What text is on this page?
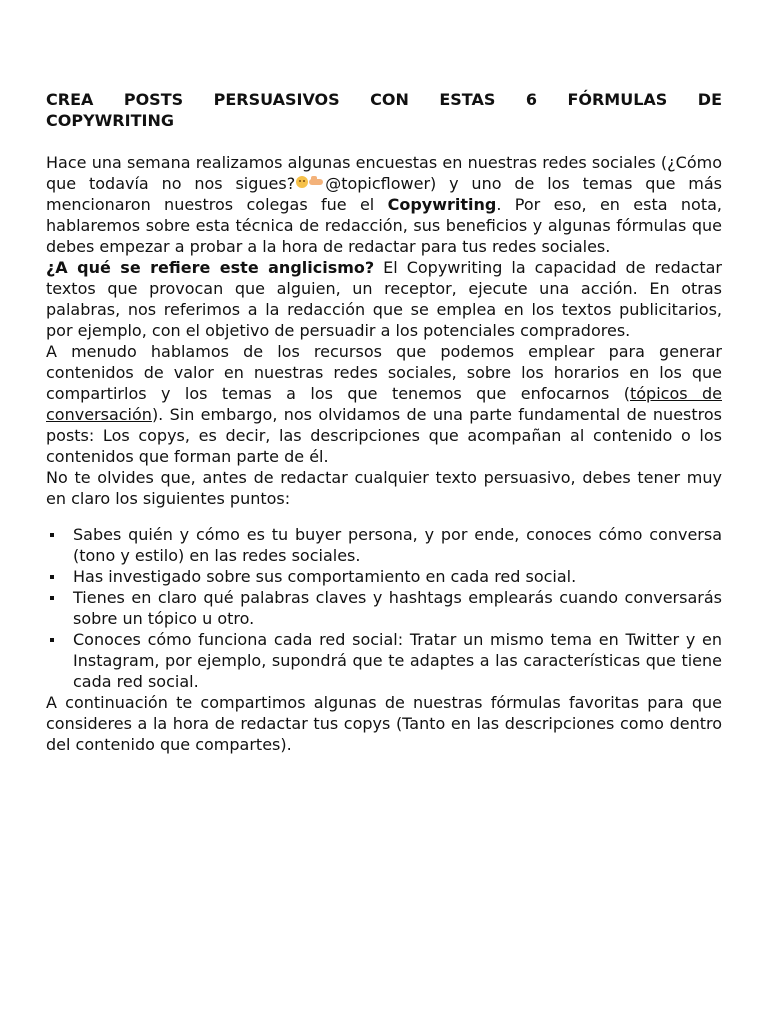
CREA POSTS PERSUASIVOS CON ESTAS 6 FÓRMULAS DE
COPYWRITING

Hace una semana realizamos algunas encuestas en nuestras redes sociales (¿Cómo que todavía no nos sigues? @topicflower) y uno de los temas que más mencionaron nuestros colegas fue el Copywriting. Por eso, en esta nota, hablaremos sobre esta técnica de redacción, sus beneficios y algunas fórmulas que debes empezar a probar a la hora de redactar para tus redes sociales.

¿A qué se refiere este anglicismo? El Copywriting la capacidad de redactar textos que provocan que alguien, un receptor, ejecute una acción. En otras palabras, nos referimos a la redacción que se emplea en los textos publicitarios, por ejemplo, con el objetivo de persuadir a los potenciales compradores.

A menudo hablamos de los recursos que podemos emplear para generar contenidos de valor en nuestras redes sociales, sobre los horarios en los que compartirlos y los temas a los que tenemos que enfocarnos (tópicos de conversación). Sin embargo, nos olvidamos de una parte fundamental de nuestros posts: Los copys, es decir, las descripciones que acompañan al contenido o los contenidos que forman parte de él.

No te olvides que, antes de redactar cualquier texto persuasivo, debes tener muy en claro los siguientes puntos:

Sabes quién y cómo es tu buyer persona, y por ende, conoces cómo conversa (tono y estilo) en las redes sociales.
Has investigado sobre sus comportamiento en cada red social.
Tienes en claro qué palabras claves y hashtags emplearás cuando conversarás sobre un tópico u otro.
Conoces cómo funciona cada red social: Tratar un mismo tema en Twitter y en Instagram, por ejemplo, supondrá que te adaptes a las características que tiene cada red social.

A continuación te compartimos algunas de nuestras fórmulas favoritas para que consideres a la hora de redactar tus copys (Tanto en las descripciones como dentro del contenido que compartes).
